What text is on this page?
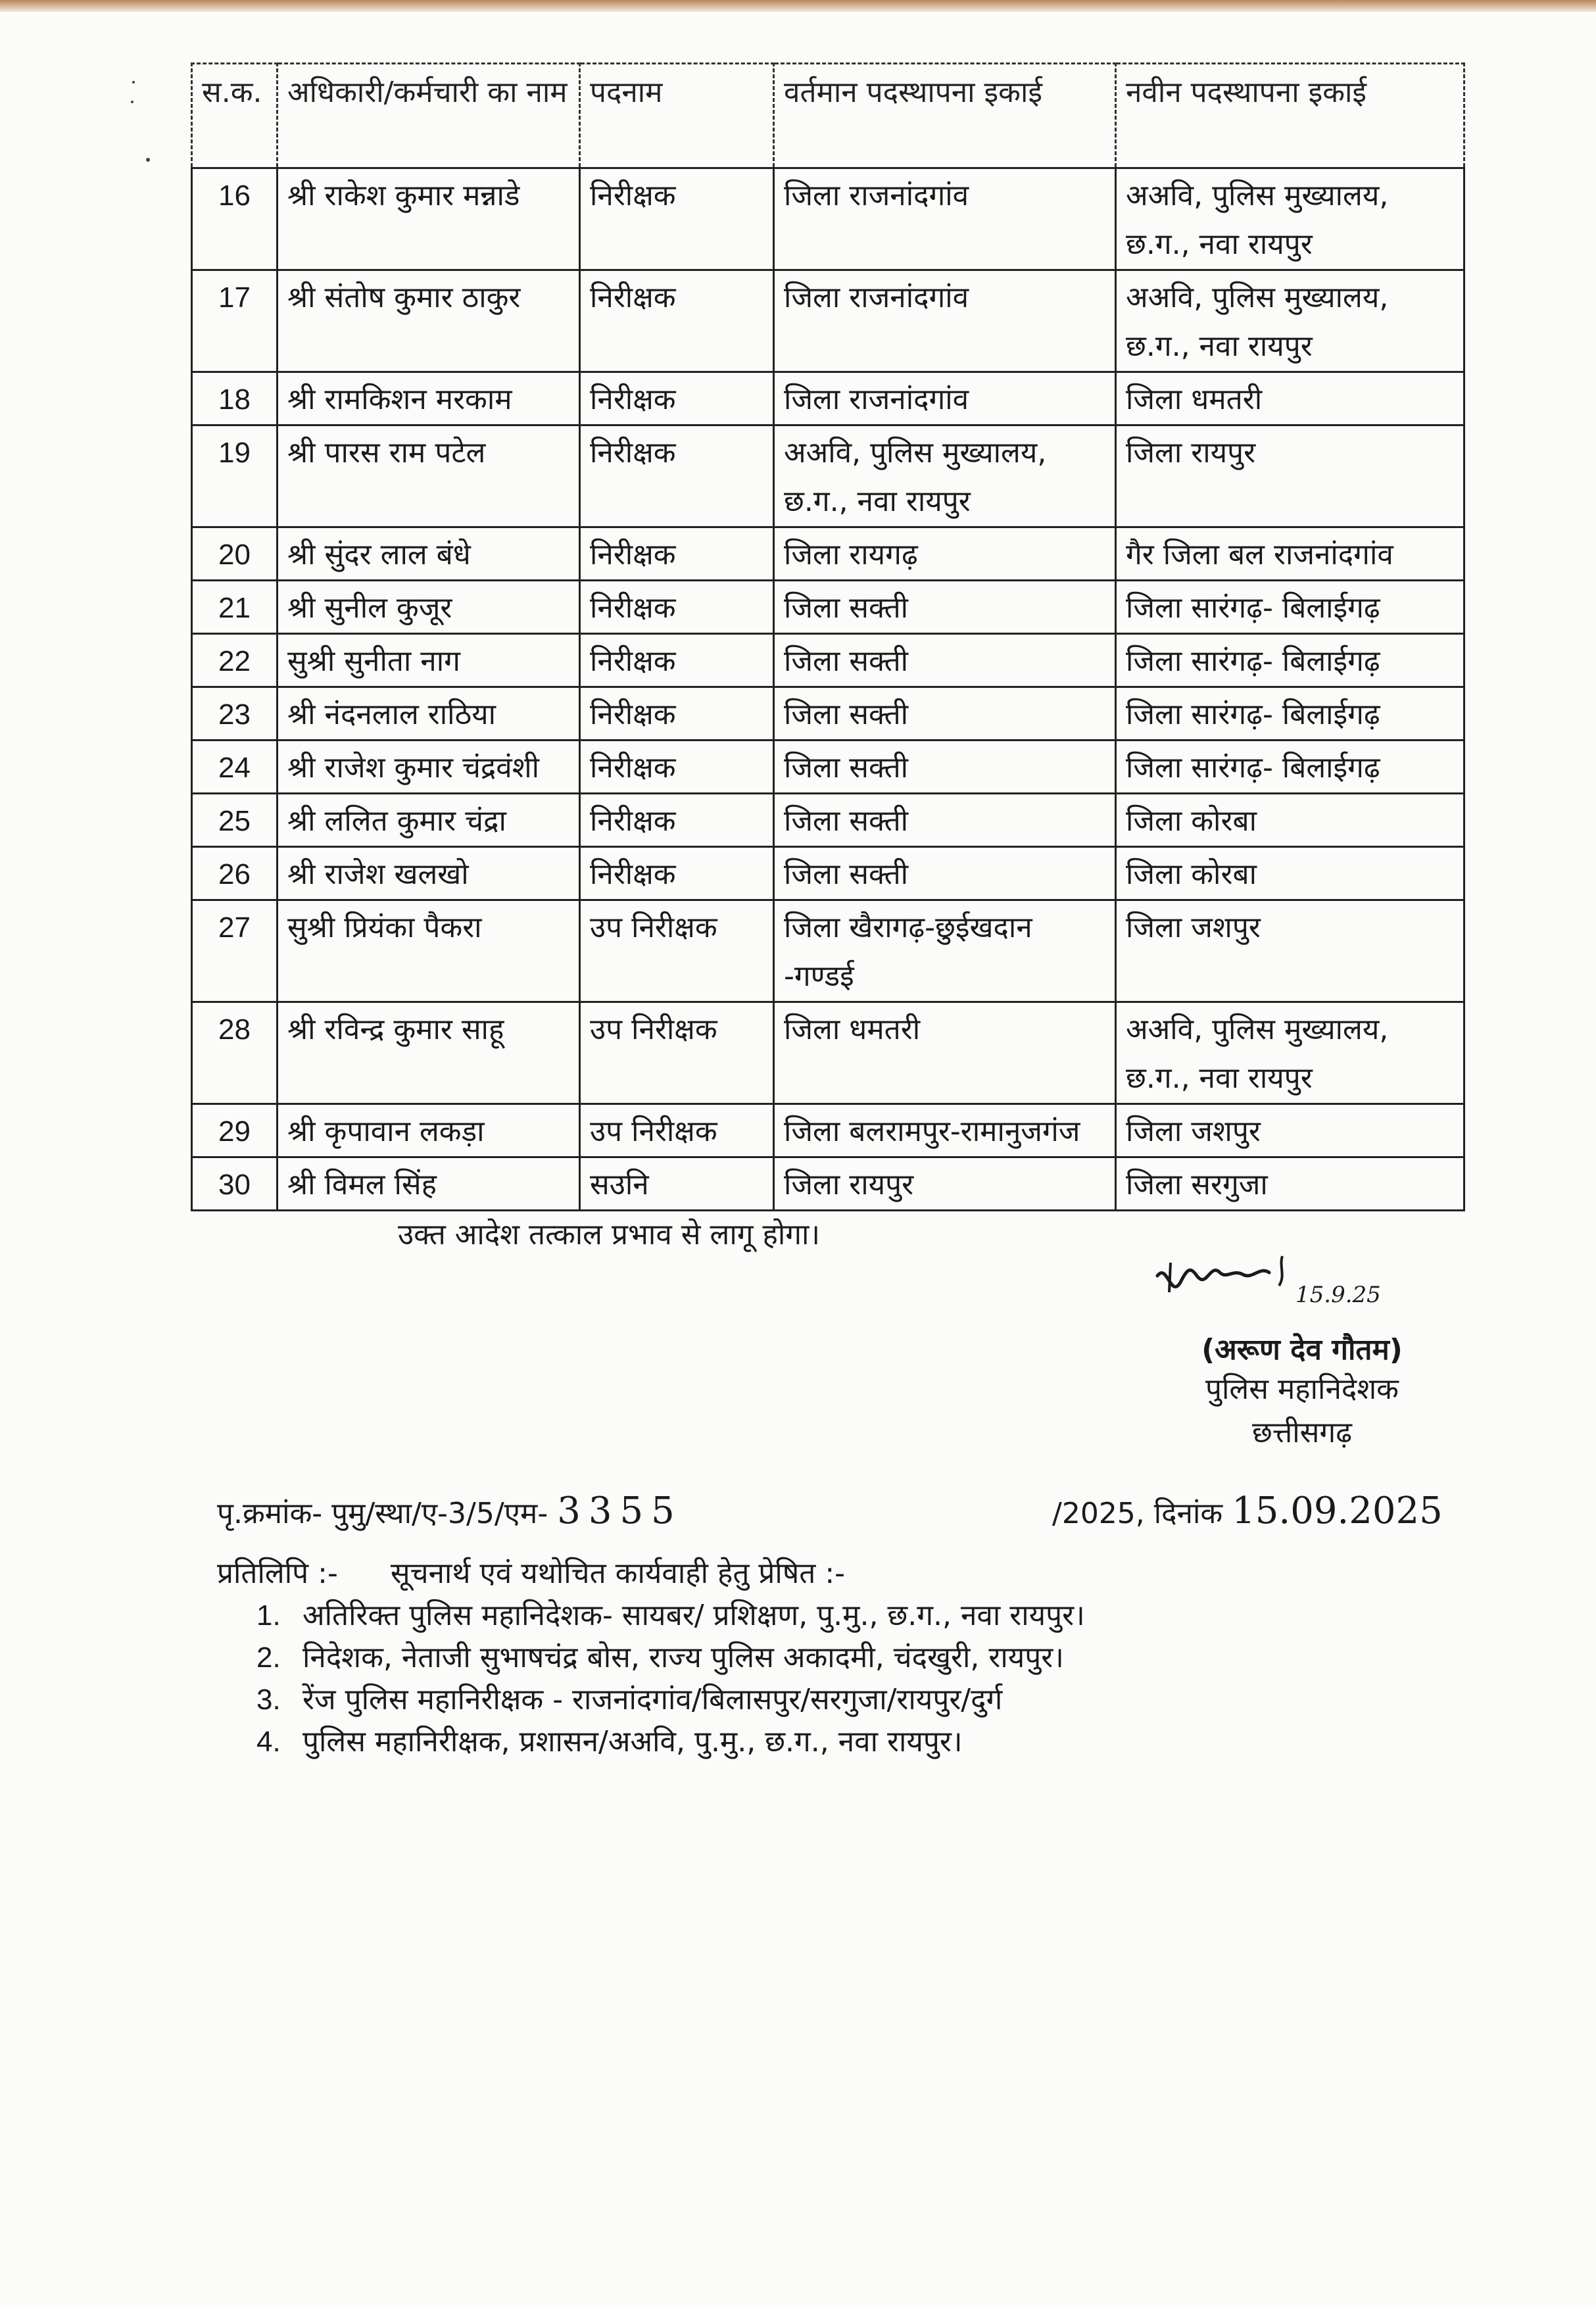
स.क.	अधिकारी/कर्मचारी का नाम	पदनाम	वर्तमान पदस्थापना इकाई	नवीन पदस्थापना इकाई
16	श्री राकेश कुमार मन्नाडे	निरीक्षक	जिला राजनांदगांव	अअवि, पुलिस मुख्यालय, छ.ग., नवा रायपुर
17	श्री संतोष कुमार ठाकुर	निरीक्षक	जिला राजनांदगांव	अअवि, पुलिस मुख्यालय, छ.ग., नवा रायपुर
18	श्री रामकिशन मरकाम	निरीक्षक	जिला राजनांदगांव	जिला धमतरी
19	श्री पारस राम पटेल	निरीक्षक	अअवि, पुलिस मुख्यालय, छ.ग., नवा रायपुर	जिला रायपुर
20	श्री सुंदर लाल बंधे	निरीक्षक	जिला रायगढ़	गैर जिला बल राजनांदगांव
21	श्री सुनील कुजूर	निरीक्षक	जिला सक्ती	जिला सारंगढ़- बिलाईगढ़
22	सुश्री सुनीता नाग	निरीक्षक	जिला सक्ती	जिला सारंगढ़- बिलाईगढ़
23	श्री नंदनलाल राठिया	निरीक्षक	जिला सक्ती	जिला सारंगढ़- बिलाईगढ़
24	श्री राजेश कुमार चंद्रवंशी	निरीक्षक	जिला सक्ती	जिला सारंगढ़- बिलाईगढ़
25	श्री ललित कुमार चंद्रा	निरीक्षक	जिला सक्ती	जिला कोरबा
26	श्री राजेश खलखो	निरीक्षक	जिला सक्ती	जिला कोरबा
27	सुश्री प्रियंका पैकरा	उप निरीक्षक	जिला खैरागढ़-छुईखदान -गण्डई	जिला जशपुर
28	श्री रविन्द्र कुमार साहू	उप निरीक्षक	जिला धमतरी	अअवि, पुलिस मुख्यालय, छ.ग., नवा रायपुर
29	श्री कृपावान लकड़ा	उप निरीक्षक	जिला बलरामपुर-रामानुजगंज	जिला जशपुर
30	श्री विमल सिंह	सउनि	जिला रायपुर	जिला सरगुजा
उक्त आदेश तत्काल प्रभाव से लागू होगा।
15.9.25
(अरूण देव गौतम)
पुलिस महानिदेशक
छत्तीसगढ़
पृ.क्रमांक- पुमु/स्था/ए-3/5/एम- 3355	/2025, दिनांक 15.09.2025
प्रतिलिपि :- सूचनार्थ एवं यथोचित कार्यवाही हेतु प्रेषित :-
1. अतिरिक्त पुलिस महानिदेशक- सायबर/ प्रशिक्षण, पु.मु., छ.ग., नवा रायपुर।
2. निदेशक, नेताजी सुभाषचंद्र बोस, राज्य पुलिस अकादमी, चंदखुरी, रायपुर।
3. रेंज पुलिस महानिरीक्षक - राजनांदगांव/बिलासपुर/सरगुजा/रायपुर/दुर्ग
4. पुलिस महानिरीक्षक, प्रशासन/अअवि, पु.मु., छ.ग., नवा रायपुर।
